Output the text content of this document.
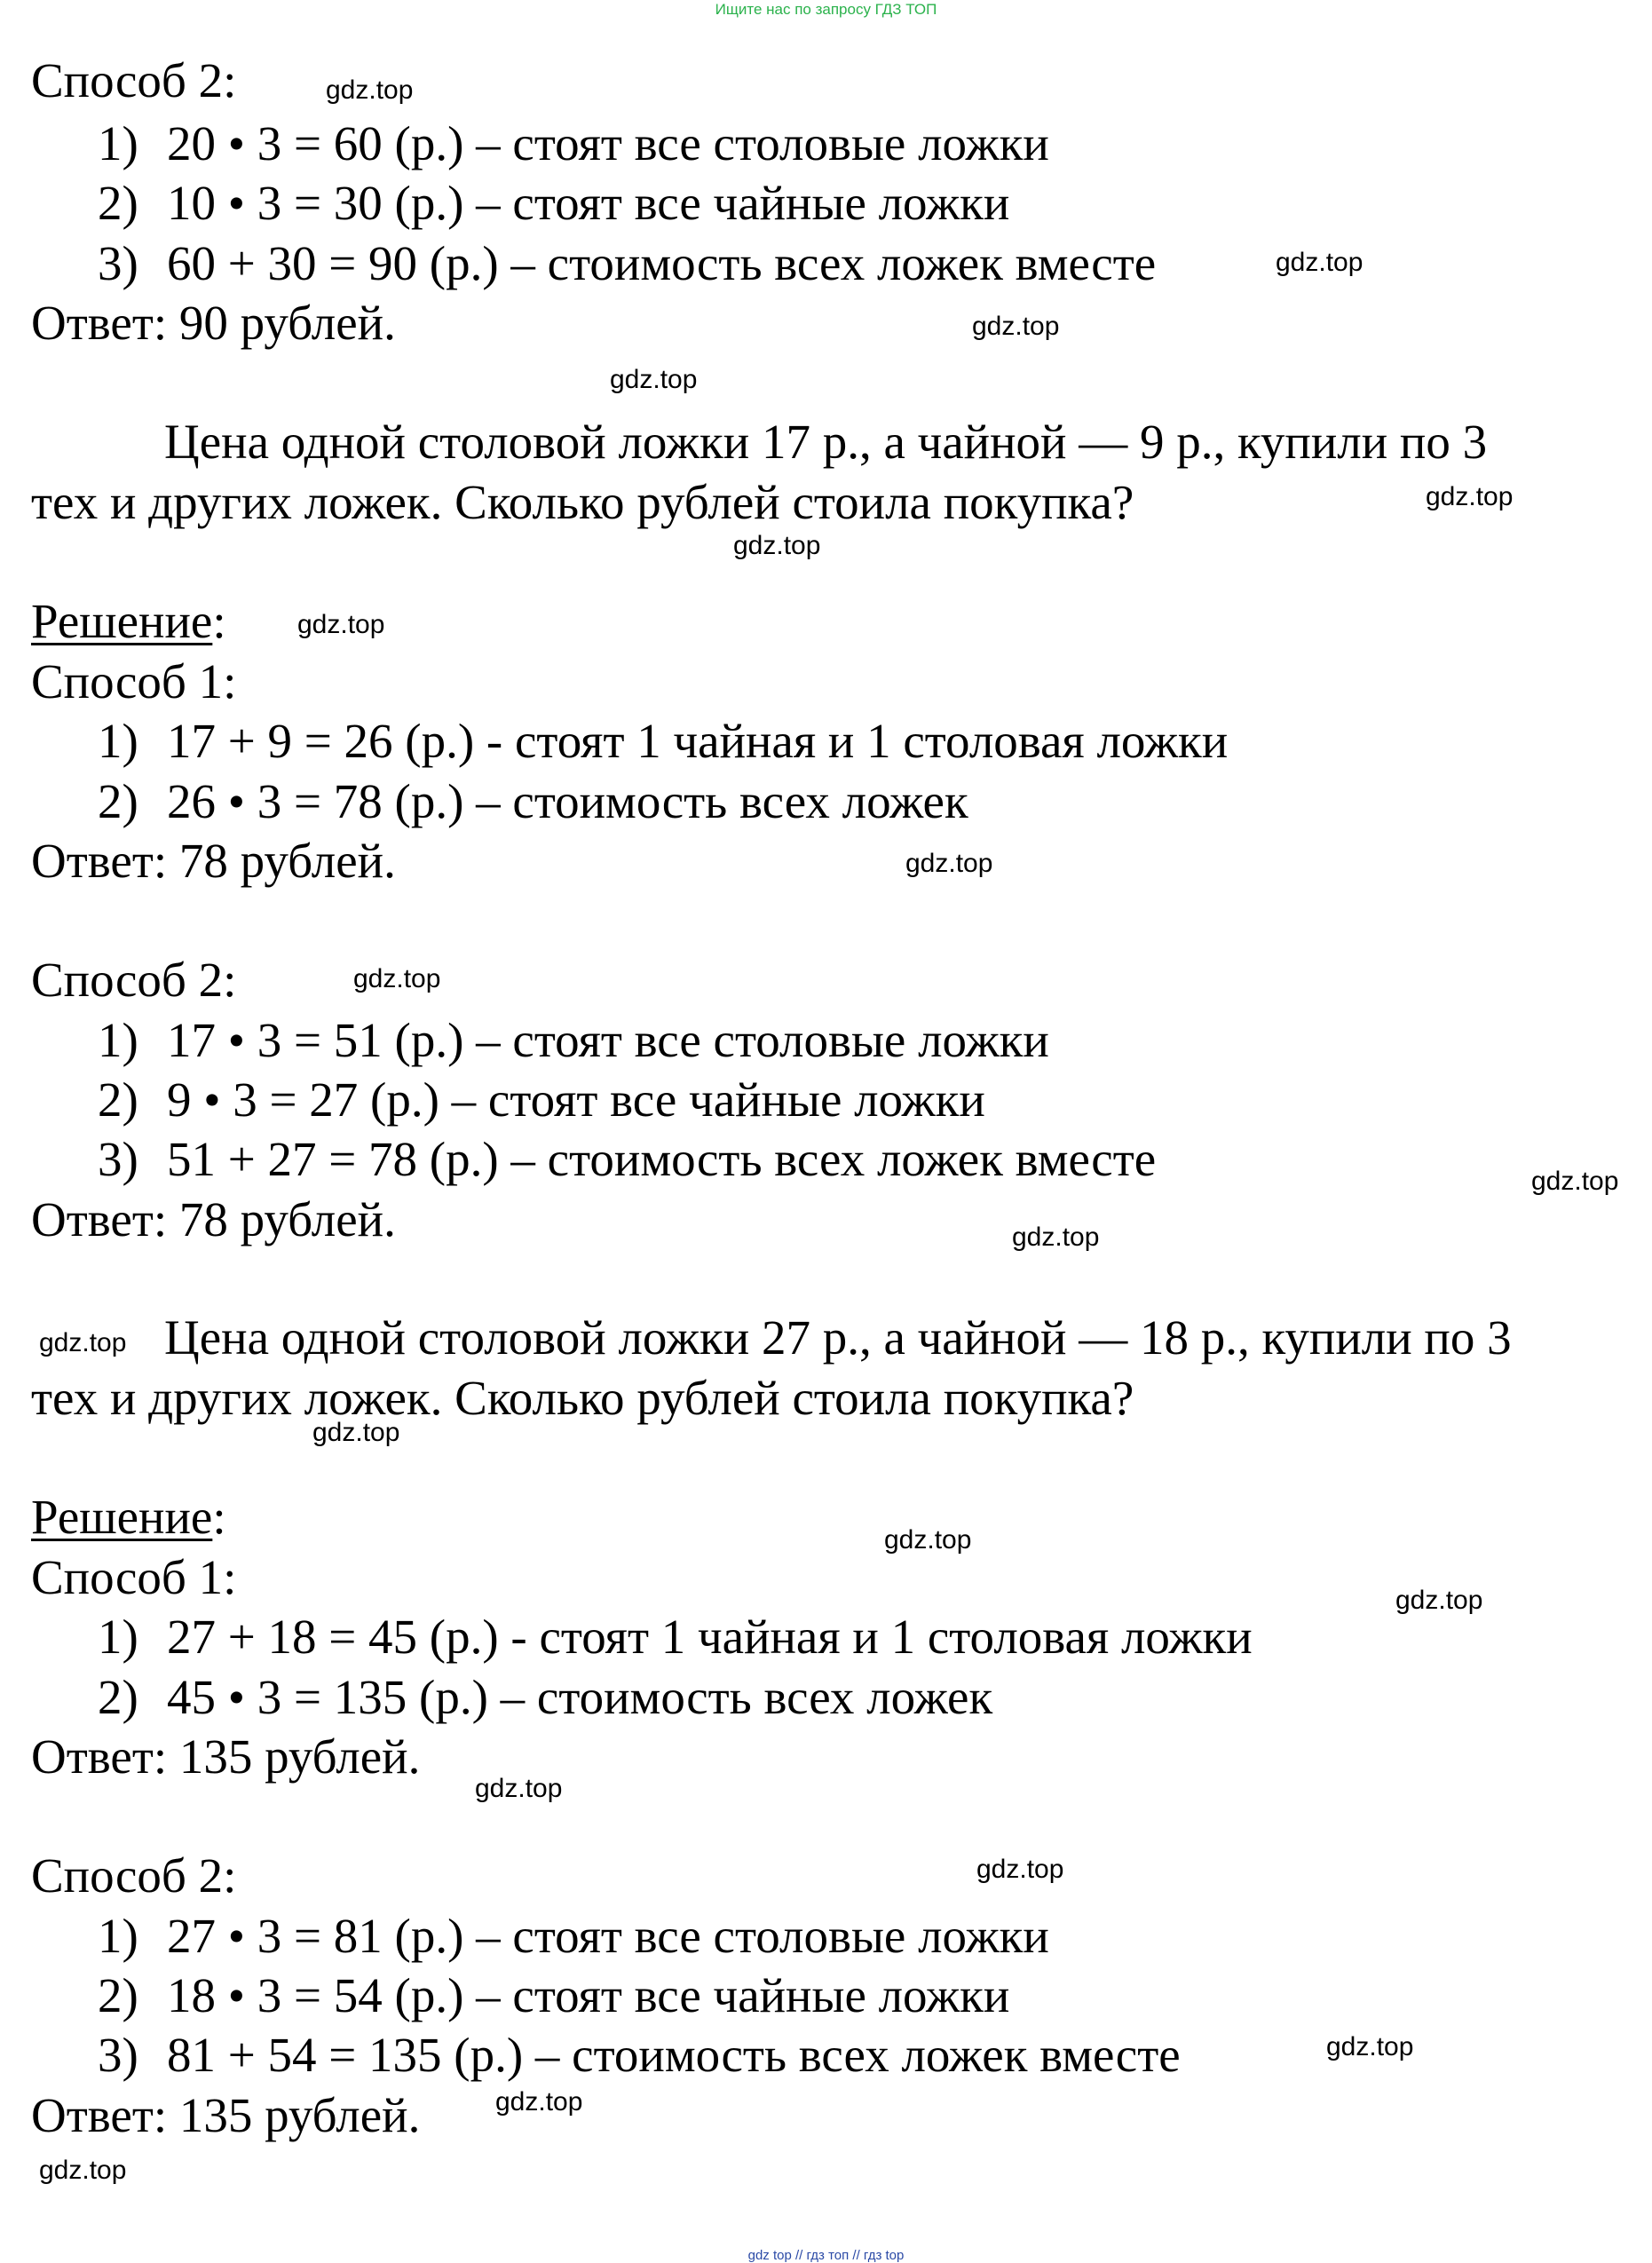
Ищите нас по запросу ГДЗ ТОП
Способ 2:
1) 20 • 3 = 60 (р.) – стоят все столовые ложки
2) 10 • 3 = 30 (р.) – стоят все чайные ложки
3) 60 + 30 = 90 (р.) – стоимость всех ложек вместе
Ответ: 90 рублей.
Цена одной столовой ложки 17 р., а чайной — 9 р., купили по 3
тех и других ложек. Сколько рублей стоила покупка?
Решение:
Способ 1:
1) 17 + 9 = 26 (р.) - стоят 1 чайная и 1 столовая ложки
2) 26 • 3 = 78 (р.) – стоимость всех ложек
Ответ: 78 рублей.
Способ 2:
1) 17 • 3 = 51 (р.) – стоят все столовые ложки
2) 9 • 3 = 27 (р.) – стоят все чайные ложки
3) 51 + 27 = 78 (р.) – стоимость всех ложек вместе
Ответ: 78 рублей.
Цена одной столовой ложки 27 р., а чайной — 18 р., купили по 3
тех и других ложек. Сколько рублей стоила покупка?
Решение:
Способ 1:
1) 27 + 18 = 45 (р.) - стоят 1 чайная и 1 столовая ложки
2) 45 • 3 = 135 (р.) – стоимость всех ложек
Ответ: 135 рублей.
Способ 2:
1) 27 • 3 = 81 (р.) – стоят все столовые ложки
2) 18 • 3 = 54 (р.) – стоят все чайные ложки
3) 81 + 54 = 135 (р.) – стоимость всех ложек вместе
Ответ: 135 рублей.
gdz.top
gdz.top
gdz.top
gdz.top
gdz.top
gdz.top
gdz.top
gdz.top
gdz.top
gdz.top
gdz.top
gdz.top
gdz.top
gdz.top
gdz.top
gdz.top
gdz.top
gdz.top
gdz.top
gdz.top
gdz top // гдз топ // гдз top
